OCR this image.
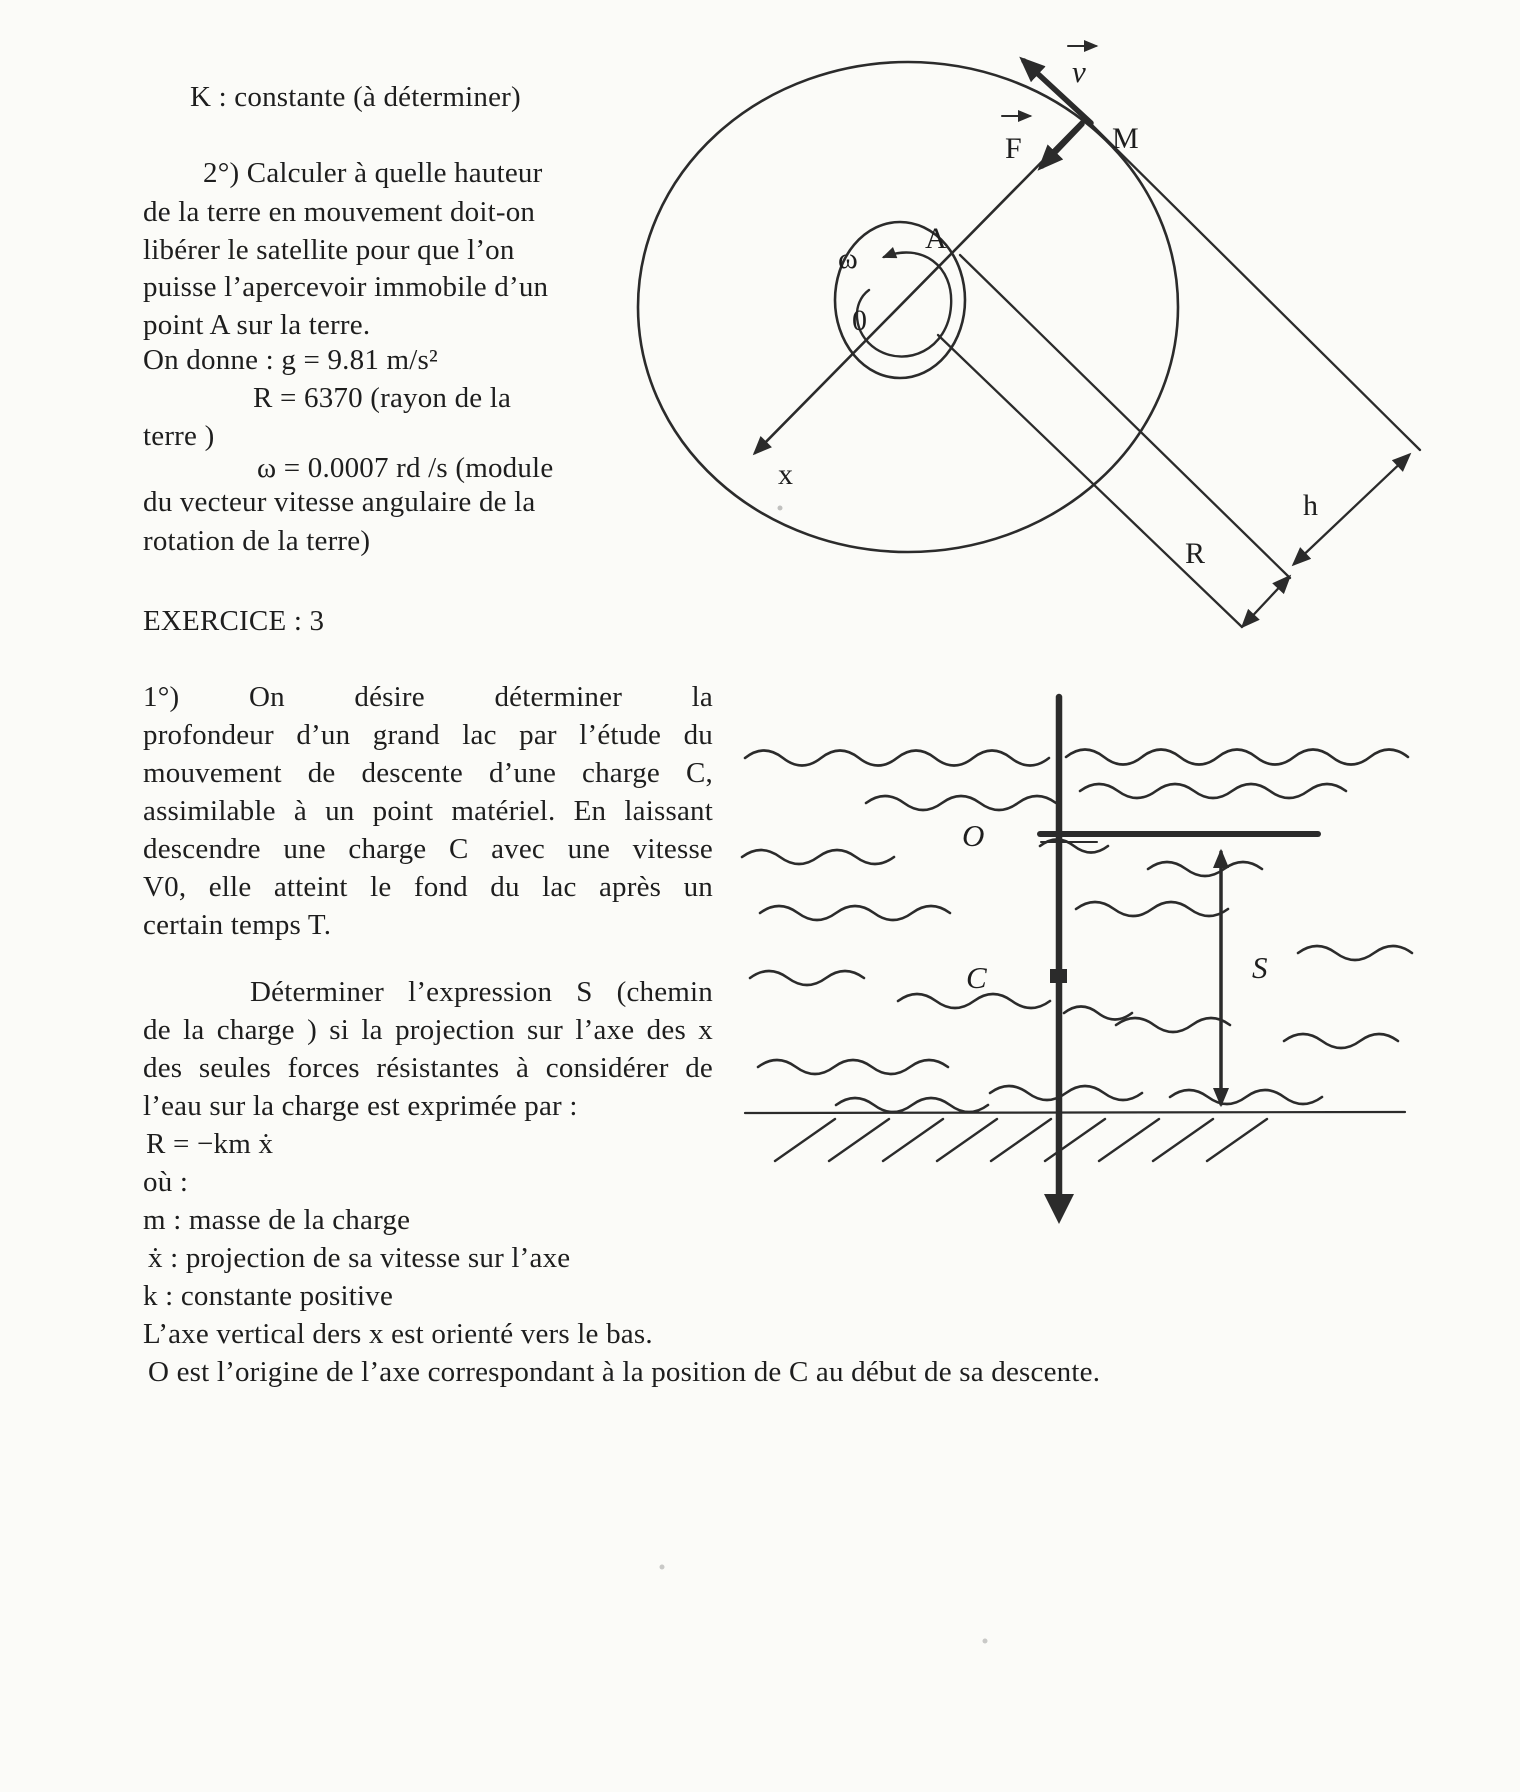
K : constante (à déterminer)
2°) Calculer à quelle hauteur
de la terre en mouvement doit-on
libérer le satellite pour que l’on
puisse l’apercevoir immobile d’un
point A sur la terre.
On donne : g = 9.81 m/s²
R = 6370 (rayon de la
terre )
ω = 0.0007 rd /s (module
du vecteur vitesse angulaire de la
rotation de la terre)
EXERCICE : 3
1°) On désire déterminer la
profondeur d’un grand lac par l’étude du
mouvement de descente d’une charge C,
assimilable à un point matériel. En laissant
descendre une charge C avec une vitesse
V0, elle atteint le fond du lac après un
certain temps T.
Déterminer l’expression S (chemin
de la charge ) si la projection sur l’axe des x
des seules forces résistantes à considérer de
l’eau sur la charge est exprimée par :
R = −km ẋ
où :
m : masse de la charge
ẋ : projection de sa vitesse sur l’axe
k : constante positive
L’axe vertical ders x est orienté vers le bas.
O est l’origine de l’axe correspondant à la position de C au début de sa descente.
v
M
F
A
ω
0
x
R
h
O
C	S
